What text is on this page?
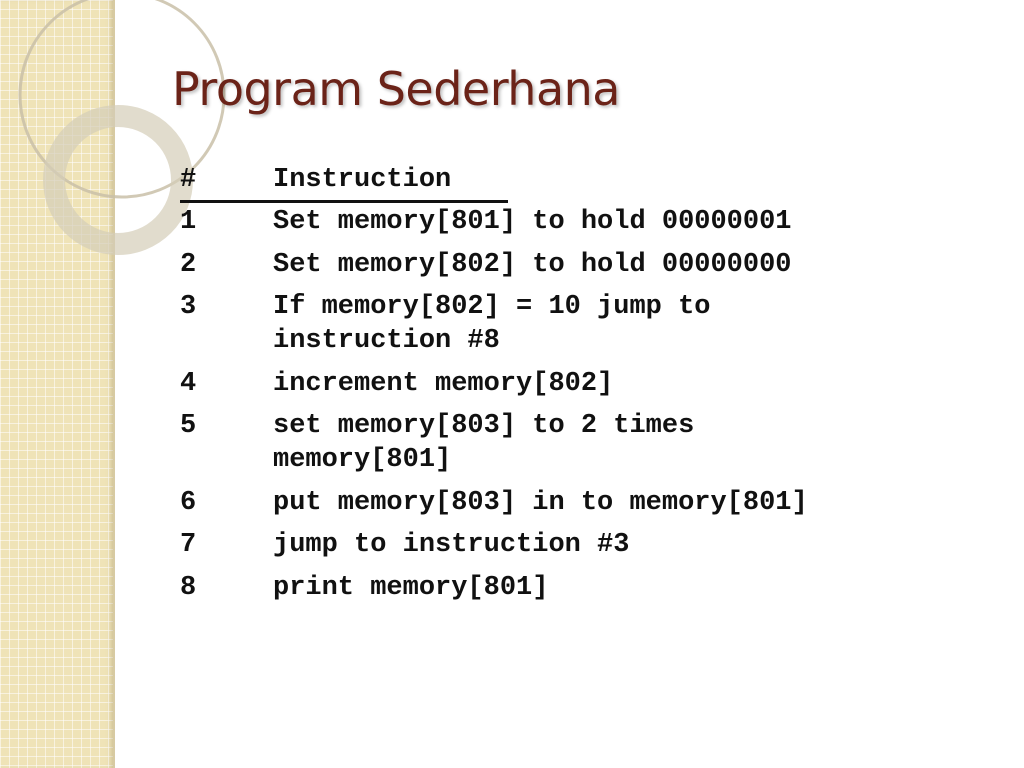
Program Sederhana
#	Instruction
1	Set memory[801] to hold 00000001
2	Set memory[802] to hold 00000000
3	If memory[802] = 10 jump to
instruction #8
4	increment memory[802]
5	set memory[803] to 2 times
memory[801]
6	put memory[803] in to memory[801]
7	jump to instruction #3
8	print memory[801]
